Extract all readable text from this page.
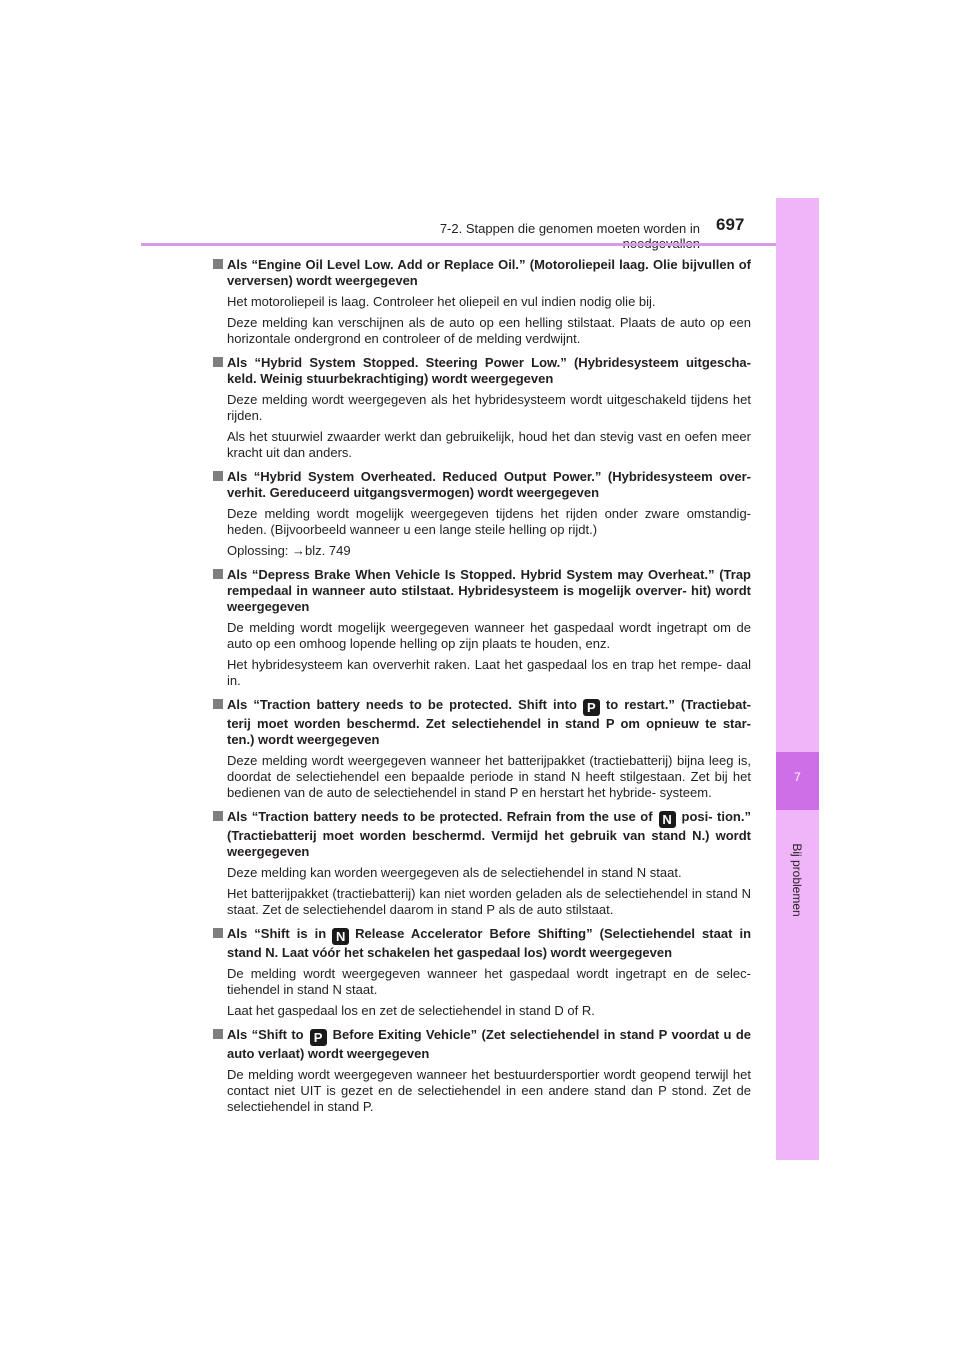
7-2. Stappen die genomen moeten worden in 697
7
Bij problemen

Als “Engine Oil Level Low. Add or Replace Oil.” (Motoroliepeil laag. Olie bijvullen of verversen) wordt weergegeven

Het motoroliepeil is laag. Controleer het oliepeil en vul indien nodig olie bij.

Deze melding kan verschijnen als de auto op een helling stilstaat. Plaats de auto op een horizontale ondergrond en controleer of de melding verdwijnt.

Als “Hybrid System Stopped. Steering Power Low.” (Hybridesysteem uitgescha- keld. Weinig stuurbekrachtiging) wordt weergegeven

Deze melding wordt weergegeven als het hybridesysteem wordt uitgeschakeld tijdens het rijden.

Als het stuurwiel zwaarder werkt dan gebruikelijk, houd het dan stevig vast en oefen meer kracht uit dan anders.

Als “Hybrid System Overheated. Reduced Output Power.” (Hybridesysteem over- verhit. Gereduceerd uitgangsvermogen) wordt weergegeven

Deze melding wordt mogelijk weergegeven tijdens het rijden onder zware omstandig- heden. (Bijvoorbeeld wanneer u een lange steile helling op rijdt.)

Oplossing: →blz. 749

Als “Depress Brake When Vehicle Is Stopped. Hybrid System may Overheat.” (Trap rempedaal in wanneer auto stilstaat. Hybridesysteem is mogelijk overver- hit) wordt weergegeven

De melding wordt mogelijk weergegeven wanneer het gaspedaal wordt ingetrapt om de auto op een omhoog lopende helling op zijn plaats te houden, enz.

Het hybridesysteem kan oververhit raken. Laat het gaspedaal los en trap het rempe- daal in.

Als “Traction battery needs to be protected. Shift into P to restart.” (Tractiebat- terij moet worden beschermd. Zet selectiehendel in stand P om opnieuw te star- ten.) wordt weergegeven

Deze melding wordt weergegeven wanneer het batterijpakket (tractiebatterij) bijna leeg is, doordat de selectiehendel een bepaalde periode in stand N heeft stilgestaan. Zet bij het bedienen van de auto de selectiehendel in stand P en herstart het hybride- systeem.

Als “Traction battery needs to be protected. Refrain from the use of N posi- tion.” (Tractiebatterij moet worden beschermd. Vermijd het gebruik van stand N.) wordt weergegeven

Deze melding kan worden weergegeven als de selectiehendel in stand N staat.

Het batterijpakket (tractiebatterij) kan niet worden geladen als de selectiehendel in stand N staat. Zet de selectiehendel daarom in stand P als de auto stilstaat.

Als “Shift is in N Release Accelerator Before Shifting” (Selectiehendel staat in stand N. Laat vóór het schakelen het gaspedaal los) wordt weergegeven

De melding wordt weergegeven wanneer het gaspedaal wordt ingetrapt en de selec- tiehendel in stand N staat.

Laat het gaspedaal los en zet de selectiehendel in stand D of R.

Als “Shift to P Before Exiting Vehicle” (Zet selectiehendel in stand P voordat u de auto verlaat) wordt weergegeven

De melding wordt weergegeven wanneer het bestuurdersportier wordt geopend terwijl het contact niet UIT is gezet en de selectiehendel in een andere stand dan P stond. Zet de selectiehendel in stand P.
